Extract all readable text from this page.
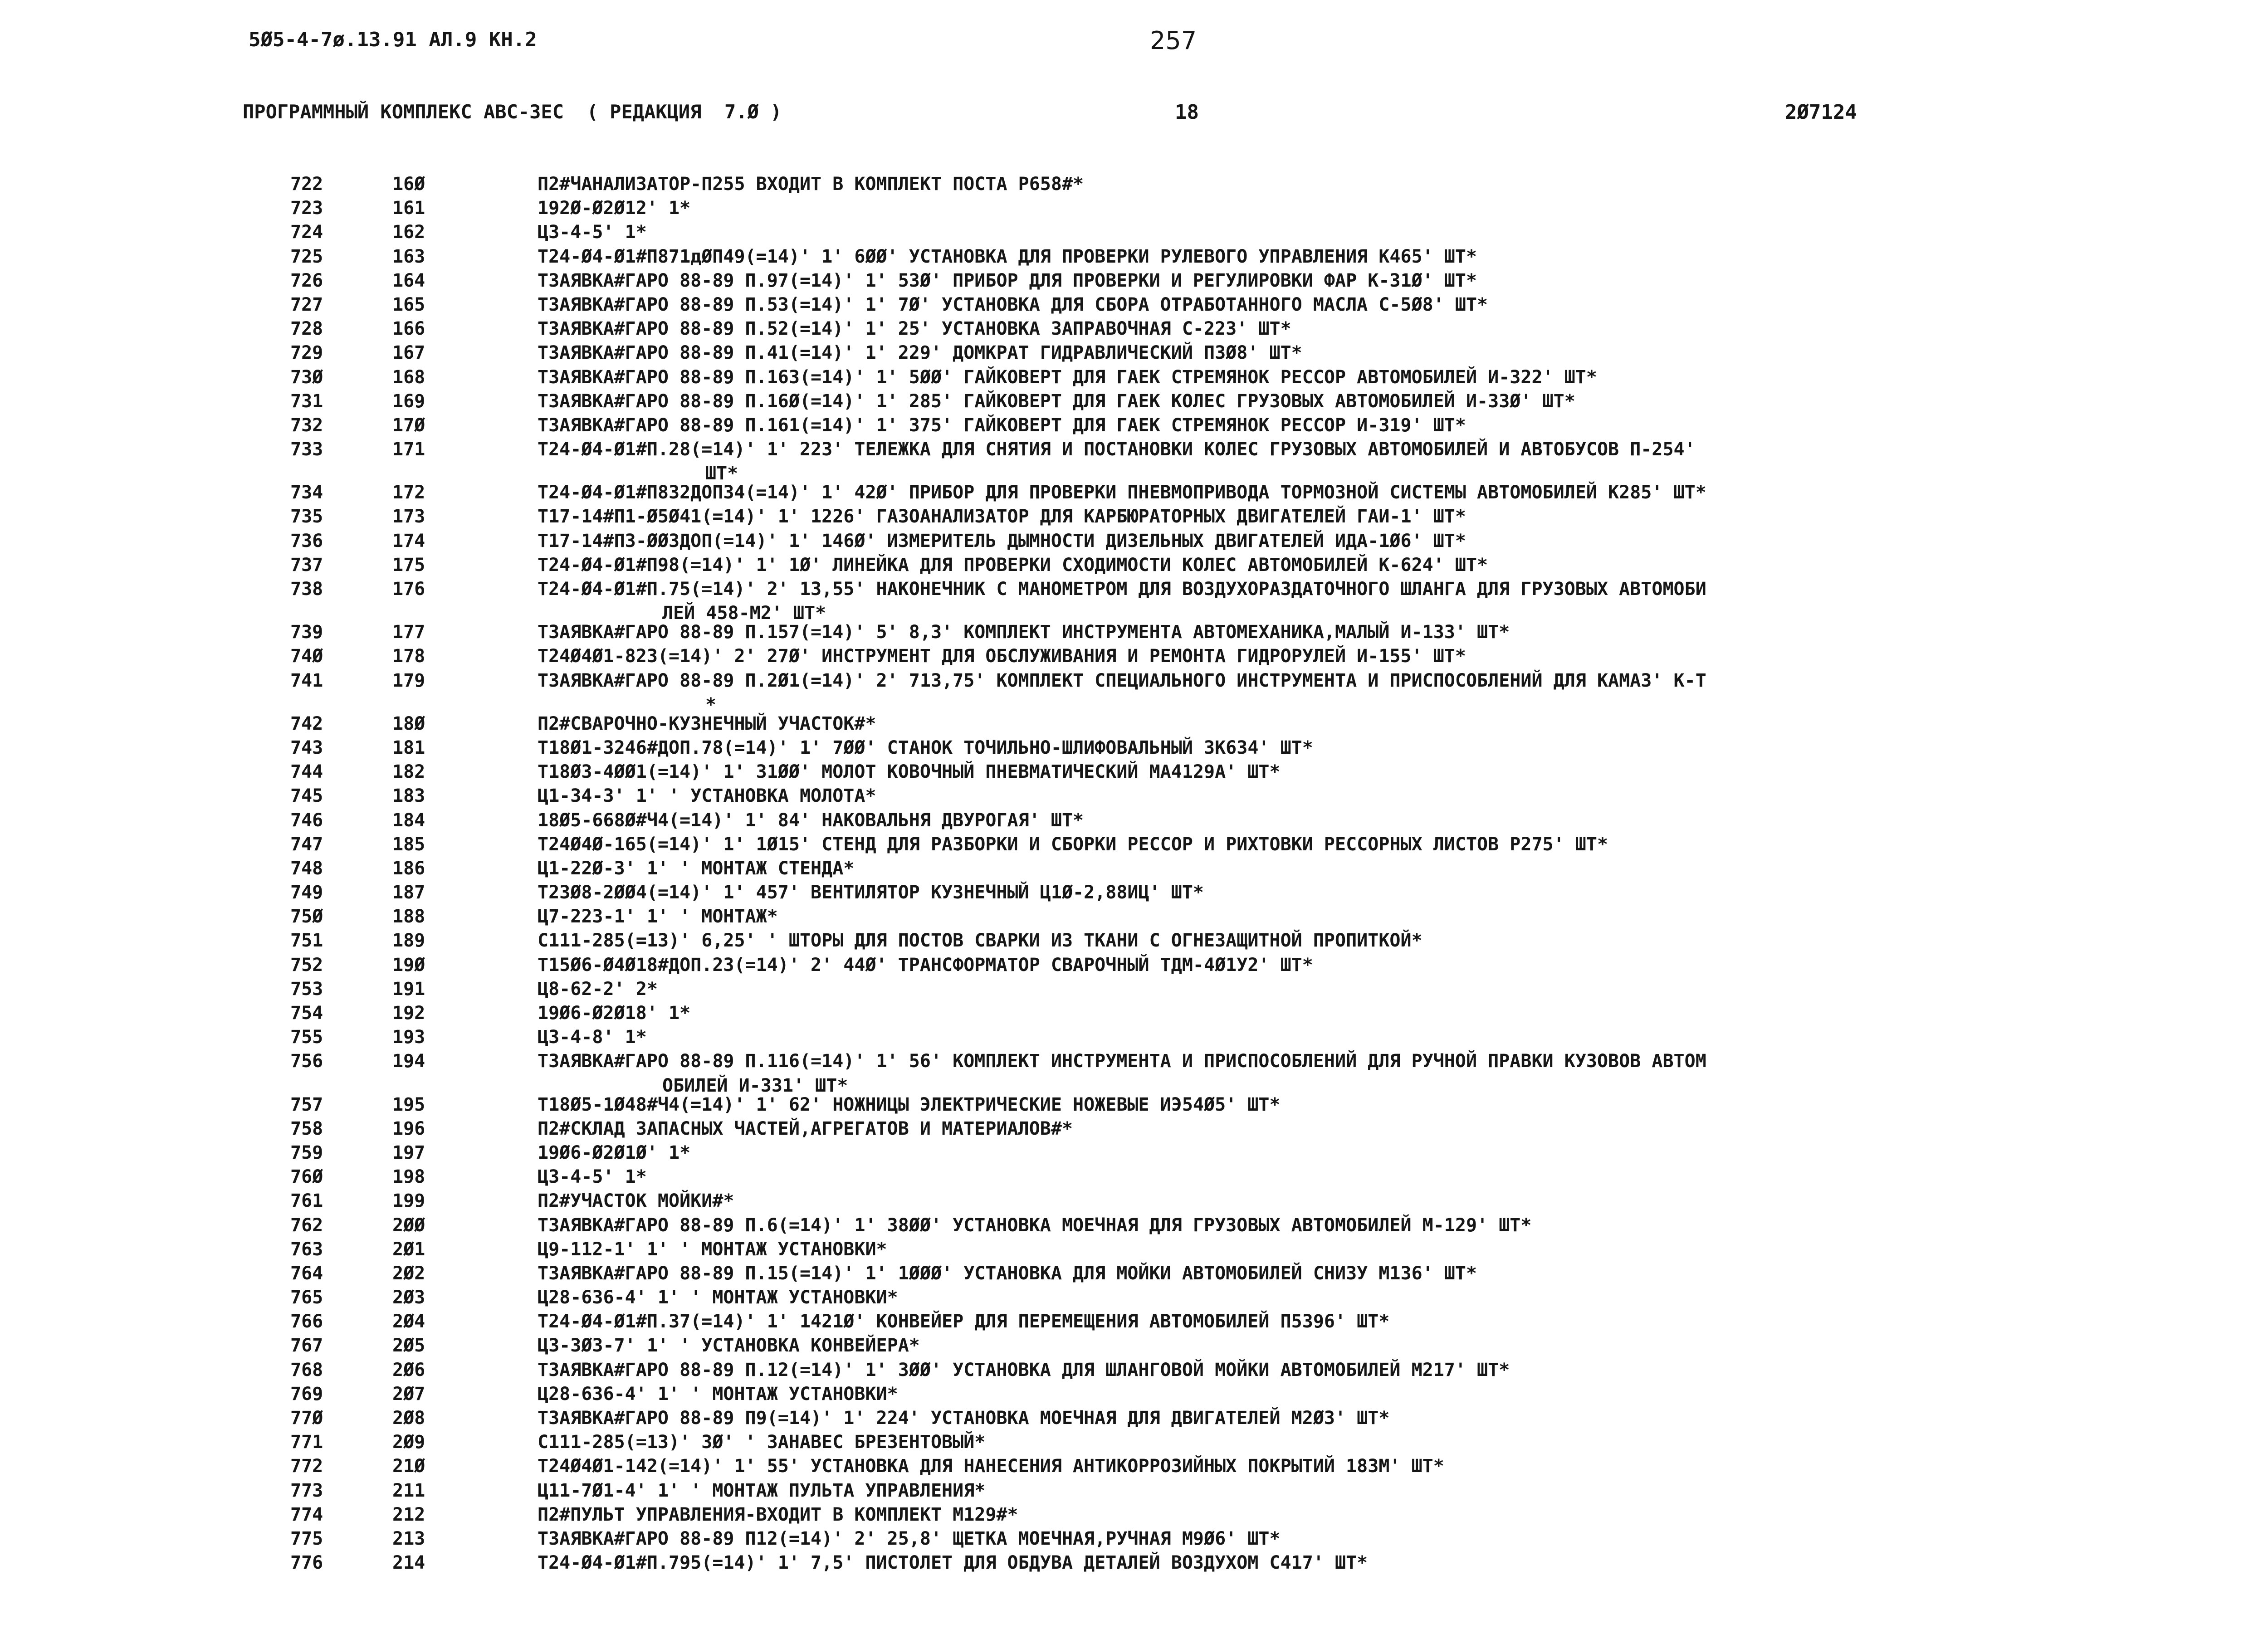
5Ø5-4-7ø.13.91 АЛ.9 КН.2	257
ПРОГРАММНЫЙ КОМПЛЕКС АВС-3ЕС  ( РЕДАКЦИЯ  7.Ø )	18	2Ø7124
722	16Ø	П2#ЧАНАЛИЗАТОР-П255 ВХОДИТ В КОМПЛЕКТ ПОСТА Р658#*
723	161	192Ø-Ø2Ø12' 1*
724	162	Ц3-4-5' 1*
725	163	Т24-Ø4-Ø1#П871дØП49(=14)' 1' 6ØØ' УСТАНОВКА ДЛЯ ПРОВЕРКИ РУЛЕВОГО УПРАВЛЕНИЯ К465' ШТ*
726	164	ТЗАЯВКА#ГАРО 88-89 П.97(=14)' 1' 53Ø' ПРИБОР ДЛЯ ПРОВЕРКИ И РЕГУЛИРОВКИ ФАР К-31Ø' ШТ*
727	165	ТЗАЯВКА#ГАРО 88-89 П.53(=14)' 1' 7Ø' УСТАНОВКА ДЛЯ СБОРА ОТРАБОТАННОГО МАСЛА С-5Ø8' ШТ*
728	166	ТЗАЯВКА#ГАРО 88-89 П.52(=14)' 1' 25' УСТАНОВКА ЗАПРАВОЧНАЯ С-223' ШТ*
729	167	ТЗАЯВКА#ГАРО 88-89 П.41(=14)' 1' 229' ДОМКРАТ ГИДРАВЛИЧЕСКИЙ П3Ø8' ШТ*
73Ø	168	ТЗАЯВКА#ГАРО 88-89 П.163(=14)' 1' 5ØØ' ГАЙКОВЕРТ ДЛЯ ГАЕК СТРЕМЯНОК РЕССОР АВТОМОБИЛЕЙ И-322' ШТ*
731	169	ТЗАЯВКА#ГАРО 88-89 П.16Ø(=14)' 1' 285' ГАЙКОВЕРТ ДЛЯ ГАЕК КОЛЕС ГРУЗОВЫХ АВТОМОБИЛЕЙ И-33Ø' ШТ*
732	17Ø	ТЗАЯВКА#ГАРО 88-89 П.161(=14)' 1' 375' ГАЙКОВЕРТ ДЛЯ ГАЕК СТРЕМЯНОК РЕССОР И-319' ШТ*
733	171	Т24-Ø4-Ø1#П.28(=14)' 1' 223' ТЕЛЕЖКА ДЛЯ СНЯТИЯ И ПОСТАНОВКИ КОЛЕС ГРУЗОВЫХ АВТОМОБИЛЕЙ И АВТОБУСОВ П-254'
ШТ*
734	172	Т24-Ø4-Ø1#П832ДОП34(=14)' 1' 42Ø' ПРИБОР ДЛЯ ПРОВЕРКИ ПНЕВМОПРИВОДА ТОРМОЗНОЙ СИСТЕМЫ АВТОМОБИЛЕЙ К285' ШТ*
735	173	Т17-14#П1-Ø5Ø41(=14)' 1' 1226' ГАЗОАНАЛИЗАТОР ДЛЯ КАРБЮРАТОРНЫХ ДВИГАТЕЛЕЙ ГАИ-1' ШТ*
736	174	Т17-14#П3-ØØ3ДОП(=14)' 1' 146Ø' ИЗМЕРИТЕЛЬ ДЫМНОСТИ ДИЗЕЛЬНЫХ ДВИГАТЕЛЕЙ ИДА-1Ø6' ШТ*
737	175	Т24-Ø4-Ø1#П98(=14)' 1' 1Ø' ЛИНЕЙКА ДЛЯ ПРОВЕРКИ СХОДИМОСТИ КОЛЕС АВТОМОБИЛЕЙ К-624' ШТ*
738	176	Т24-Ø4-Ø1#П.75(=14)' 2' 13,55' НАКОНЕЧНИК С МАНОМЕТРОМ ДЛЯ ВОЗДУХОРАЗДАТОЧНОГО ШЛАНГА ДЛЯ ГРУЗОВЫХ АВТОМОБИ
ЛЕЙ 458-М2' ШТ*
739	177	ТЗАЯВКА#ГАРО 88-89 П.157(=14)' 5' 8,3' КОМПЛЕКТ ИНСТРУМЕНТА АВТОМЕХАНИКА,МАЛЫЙ И-133' ШТ*
74Ø	178	Т24Ø4Ø1-823(=14)' 2' 27Ø' ИНСТРУМЕНТ ДЛЯ ОБСЛУЖИВАНИЯ И РЕМОНТА ГИДРОРУЛЕЙ И-155' ШТ*
741	179	ТЗАЯВКА#ГАРО 88-89 П.2Ø1(=14)' 2' 713,75' КОМПЛЕКТ СПЕЦИАЛЬНОГО ИНСТРУМЕНТА И ПРИСПОСОБЛЕНИЙ ДЛЯ КАМАЗ' К-Т
*
742	18Ø	П2#СВАРОЧНО-КУЗНЕЧНЫЙ УЧАСТОК#*
743	181	Т18Ø1-3246#ДОП.78(=14)' 1' 7ØØ' СТАНОК ТОЧИЛЬНО-ШЛИФОВАЛЬНЫЙ 3К634' ШТ*
744	182	Т18Ø3-4ØØ1(=14)' 1' 31ØØ' МОЛОТ КОВОЧНЫЙ ПНЕВМАТИЧЕСКИЙ МА4129А' ШТ*
745	183	Ц1-34-3' 1' ' УСТАНОВКА МОЛОТА*
746	184	18Ø5-668Ø#Ч4(=14)' 1' 84' НАКОВАЛЬНЯ ДВУРОГАЯ' ШТ*
747	185	Т24Ø4Ø-165(=14)' 1' 1Ø15' СТЕНД ДЛЯ РАЗБОРКИ И СБОРКИ РЕССОР И РИХТОВКИ РЕССОРНЫХ ЛИСТОВ Р275' ШТ*
748	186	Ц1-22Ø-3' 1' ' МОНТАЖ СТЕНДА*
749	187	Т23Ø8-2ØØ4(=14)' 1' 457' ВЕНТИЛЯТОР КУЗНЕЧНЫЙ Ц1Ø-2,88ИЦ' ШТ*
75Ø	188	Ц7-223-1' 1' ' МОНТАЖ*
751	189	С111-285(=13)' 6,25' ' ШТОРЫ ДЛЯ ПОСТОВ СВАРКИ ИЗ ТКАНИ С ОГНЕЗАЩИТНОЙ ПРОПИТКОЙ*
752	19Ø	Т15Ø6-Ø4Ø18#ДОП.23(=14)' 2' 44Ø' ТРАНСФОРМАТОР СВАРОЧНЫЙ ТДМ-4Ø1У2' ШТ*
753	191	Ц8-62-2' 2*
754	192	19Ø6-Ø2Ø18' 1*
755	193	Ц3-4-8' 1*
756	194	ТЗАЯВКА#ГАРО 88-89 П.116(=14)' 1' 56' КОМПЛЕКТ ИНСТРУМЕНТА И ПРИСПОСОБЛЕНИЙ ДЛЯ РУЧНОЙ ПРАВКИ КУЗОВОВ АВТОМ
ОБИЛЕЙ И-331' ШТ*
757	195	Т18Ø5-1Ø48#Ч4(=14)' 1' 62' НОЖНИЦЫ ЭЛЕКТРИЧЕСКИЕ НОЖЕВЫЕ ИЭ54Ø5' ШТ*
758	196	П2#СКЛАД ЗАПАСНЫХ ЧАСТЕЙ,АГРЕГАТОВ И МАТЕРИАЛОВ#*
759	197	19Ø6-Ø2Ø1Ø' 1*
76Ø	198	Ц3-4-5' 1*
761	199	П2#УЧАСТОК МОЙКИ#*
762	2ØØ	ТЗАЯВКА#ГАРО 88-89 П.6(=14)' 1' 38ØØ' УСТАНОВКА МОЕЧНАЯ ДЛЯ ГРУЗОВЫХ АВТОМОБИЛЕЙ М-129' ШТ*
763	2Ø1	Ц9-112-1' 1' ' МОНТАЖ УСТАНОВКИ*
764	2Ø2	ТЗАЯВКА#ГАРО 88-89 П.15(=14)' 1' 1ØØØ' УСТАНОВКА ДЛЯ МОЙКИ АВТОМОБИЛЕЙ СНИЗУ М136' ШТ*
765	2Ø3	Ц28-636-4' 1' ' МОНТАЖ УСТАНОВКИ*
766	2Ø4	Т24-Ø4-Ø1#П.37(=14)' 1' 1421Ø' КОНВЕЙЕР ДЛЯ ПЕРЕМЕЩЕНИЯ АВТОМОБИЛЕЙ П5396' ШТ*
767	2Ø5	Ц3-3Ø3-7' 1' ' УСТАНОВКА КОНВЕЙЕРА*
768	2Ø6	ТЗАЯВКА#ГАРО 88-89 П.12(=14)' 1' 3ØØ' УСТАНОВКА ДЛЯ ШЛАНГОВОЙ МОЙКИ АВТОМОБИЛЕЙ М217' ШТ*
769	2Ø7	Ц28-636-4' 1' ' МОНТАЖ УСТАНОВКИ*
77Ø	2Ø8	ТЗАЯВКА#ГАРО 88-89 П9(=14)' 1' 224' УСТАНОВКА МОЕЧНАЯ ДЛЯ ДВИГАТЕЛЕЙ М2Ø3' ШТ*
771	2Ø9	С111-285(=13)' 3Ø' ' ЗАНАВЕС БРЕЗЕНТОВЫЙ*
772	21Ø	Т24Ø4Ø1-142(=14)' 1' 55' УСТАНОВКА ДЛЯ НАНЕСЕНИЯ АНТИКОРРОЗИЙНЫХ ПОКРЫТИЙ 183М' ШТ*
773	211	Ц11-7Ø1-4' 1' ' МОНТАЖ ПУЛЬТА УПРАВЛЕНИЯ*
774	212	П2#ПУЛЬТ УПРАВЛЕНИЯ-ВХОДИТ В КОМПЛЕКТ М129#*
775	213	ТЗАЯВКА#ГАРО 88-89 П12(=14)' 2' 25,8' ЩЕТКА МОЕЧНАЯ,РУЧНАЯ М9Ø6' ШТ*
776	214	Т24-Ø4-Ø1#П.795(=14)' 1' 7,5' ПИСТОЛЕТ ДЛЯ ОБДУВА ДЕТАЛЕЙ ВОЗДУХОМ С417' ШТ*
